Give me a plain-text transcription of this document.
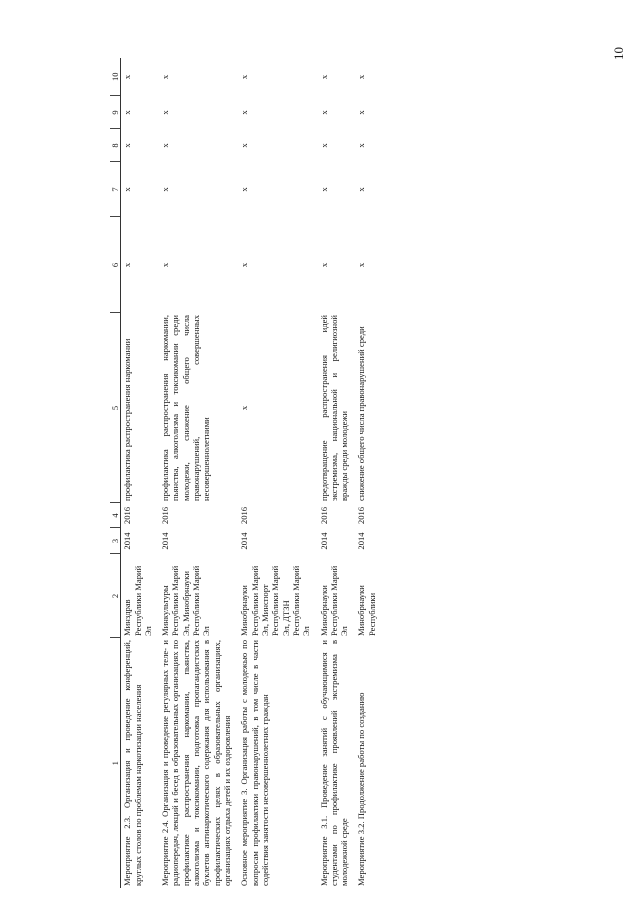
10
1	2	3	4	5	6	7	8	9	10
Мероприятие 2.3. Организация и проведение конференций, круглых столов по проблемам наркотизации населения	Минздрав Республики Марий Эл	2014	2016	профилактика распространения наркомании	х	х	х	х	х
Мероприятие 2.4. Организация и проведение регулярных теле- и радиопередач, лекций и бесед в образовательных организациях по профилактике распространения наркомании, пьянства, алкоголизма и токсикомании, подготовка пропагандистских буклетов антинаркотического содержания для использования в профилактических целях в образовательных организациях, организациях отдыха детей и их оздоровления	Минкультуры Республики Марий Эл, Минобрнауки Республики Марий Эл	2014	2016	профилактика распространения наркомании, пьянства, алкоголизма и токсикомании среди молодежи, снижение общего числа правонарушений, совершенных несовершеннолетними	х	х	х	х	х
Основное мероприятие 3. Организация работы с молодежью по вопросам профилактики правонарушений, в том числе в части содействия занятости несовершеннолетних граждан	Минобрнауки Республики Марий Эл, Минспорт Республики Марий Эл, ДТЗН Республики Марий Эл	2014	2016	х	х	х	х	х	х
Мероприятие 3.1. Проведение занятий с обучающимися и студентами по профилактике проявлений экстремизма в молодежной среде	Минобрнауки Республики Марий Эл	2014	2016	предотвращение распространения идей экстремизма, национальной и религиозной вражды среди молодежи	х	х	х	х	х
Мероприятие 3.2. Продолжение работы по созданию	Минобрнауки Республики	2014	2016	снижение общего числа правонарушений среди	х	х	х	х	х
